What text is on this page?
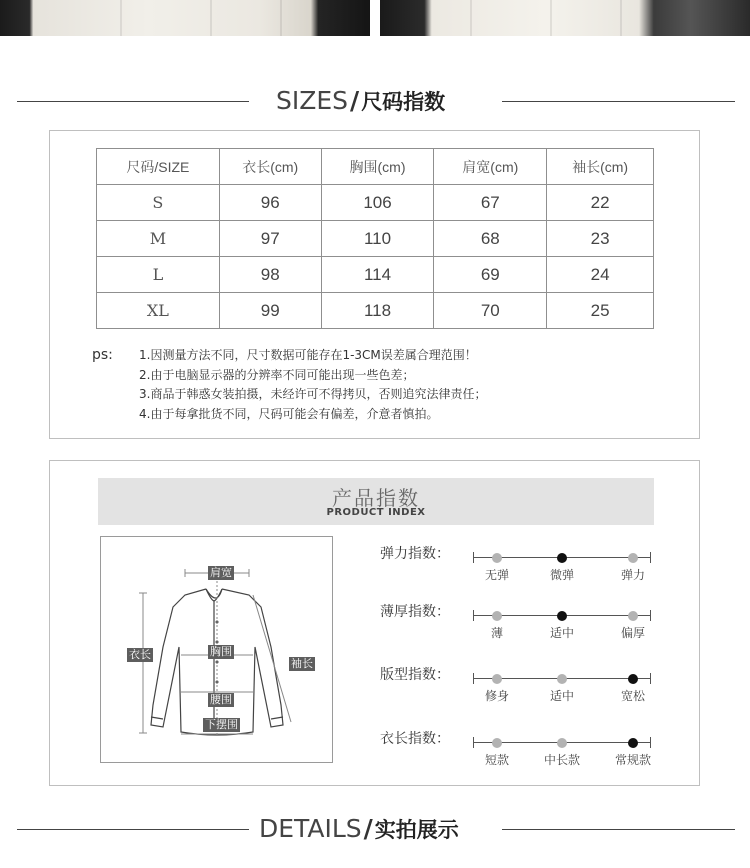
SIZES/尺码指数
尺码/SIZE	衣长(cm)	胸围(cm)	肩宽(cm)	袖长(cm)
S	96	106	67	22
M	97	110	68	23
L	98	114	69	24
XL	99	118	70	25
ps: 1.因测量方法不同，尺寸数据可能存在1-3CM误差属合理范围！
2.由于电脑显示器的分辨率不同可能出现一些色差；
3.商品于韩惑女装拍摄，未经许可不得拷贝，否则追究法律责任；
4.由于每拿批货不同，尺码可能会有偏差，介意者慎拍。
产品指数
PRODUCT INDEX
肩宽
衣长	胸围
袖长
腰围
下摆围
弹力指数：
无弹	微弹	弹力
薄厚指数：
薄	适中	偏厚
版型指数：
修身	适中	宽松
衣长指数：
短款	中长款	常规款
DETAILS/实拍展示
